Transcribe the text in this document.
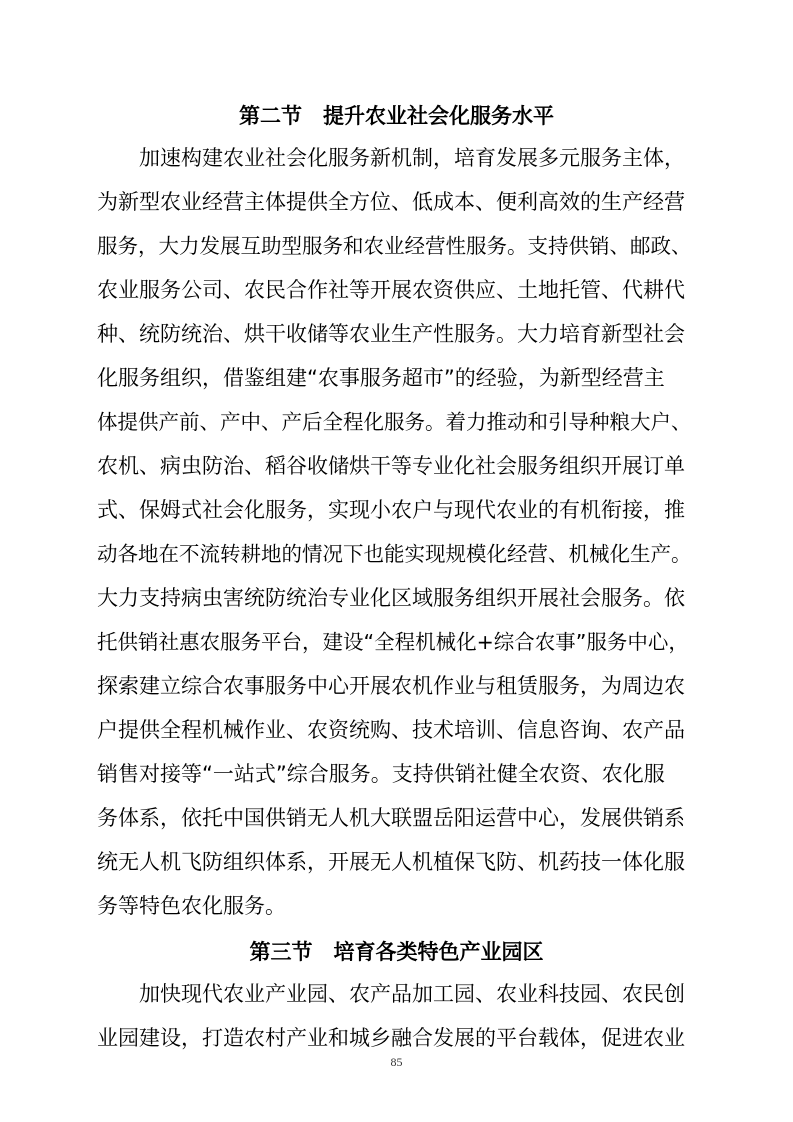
第二节　提升农业社会化服务水平
加速构建农业社会化服务新机制，培育发展多元服务主体，
为新型农业经营主体提供全方位、低成本、便利高效的生产经营
服务，大力发展互助型服务和农业经营性服务。支持供销、邮政、
农业服务公司、农民合作社等开展农资供应、土地托管、代耕代
种、统防统治、烘干收储等农业生产性服务。大力培育新型社会
化服务组织，借鉴组建“农事服务超市”的经验，为新型经营主
体提供产前、产中、产后全程化服务。着力推动和引导种粮大户、
农机、病虫防治、稻谷收储烘干等专业化社会服务组织开展订单
式、保姆式社会化服务，实现小农户与现代农业的有机衔接，推
动各地在不流转耕地的情况下也能实现规模化经营、机械化生产。
大力支持病虫害统防统治专业化区域服务组织开展社会服务。依
托供销社惠农服务平台，建设“全程机械化+综合农事”服务中心，
探索建立综合农事服务中心开展农机作业与租赁服务，为周边农
户提供全程机械作业、农资统购、技术培训、信息咨询、农产品
销售对接等“一站式”综合服务。支持供销社健全农资、农化服
务体系，依托中国供销无人机大联盟岳阳运营中心，发展供销系
统无人机飞防组织体系，开展无人机植保飞防、机药技一体化服
务等特色农化服务。
第三节　培育各类特色产业园区
加快现代农业产业园、农产品加工园、农业科技园、农民创
业园建设，打造农村产业和城乡融合发展的平台载体，促进农业
85
